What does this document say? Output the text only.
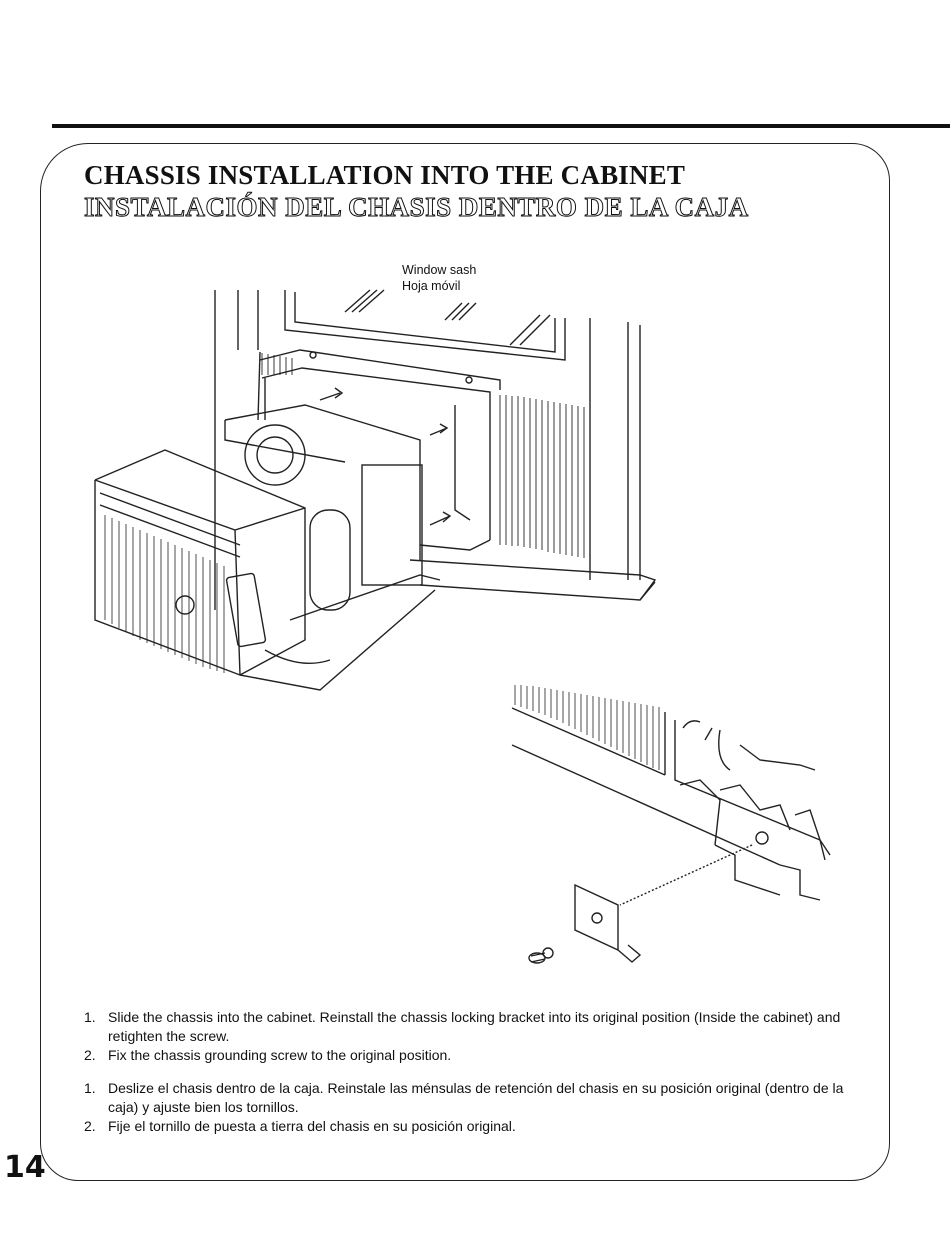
CHASSIS INSTALLATION INTO THE CABINET
INSTALACIÓN DEL CHASIS DENTRO DE LA CAJA
Window sash
Hoja móvil
1. Slide the chassis into the cabinet. Reinstall the chassis locking bracket into its original position (Inside the cabinet) and retighten the screw.
2. Fix the chassis grounding screw to the original position.
1. Deslize el chasis dentro de la caja. Reinstale las ménsulas de retención del chasis en su posición original (dentro de la caja) y ajuste bien los tornillos.
2. Fije el tornillo de puesta a tierra del chasis en su posición original.
14
